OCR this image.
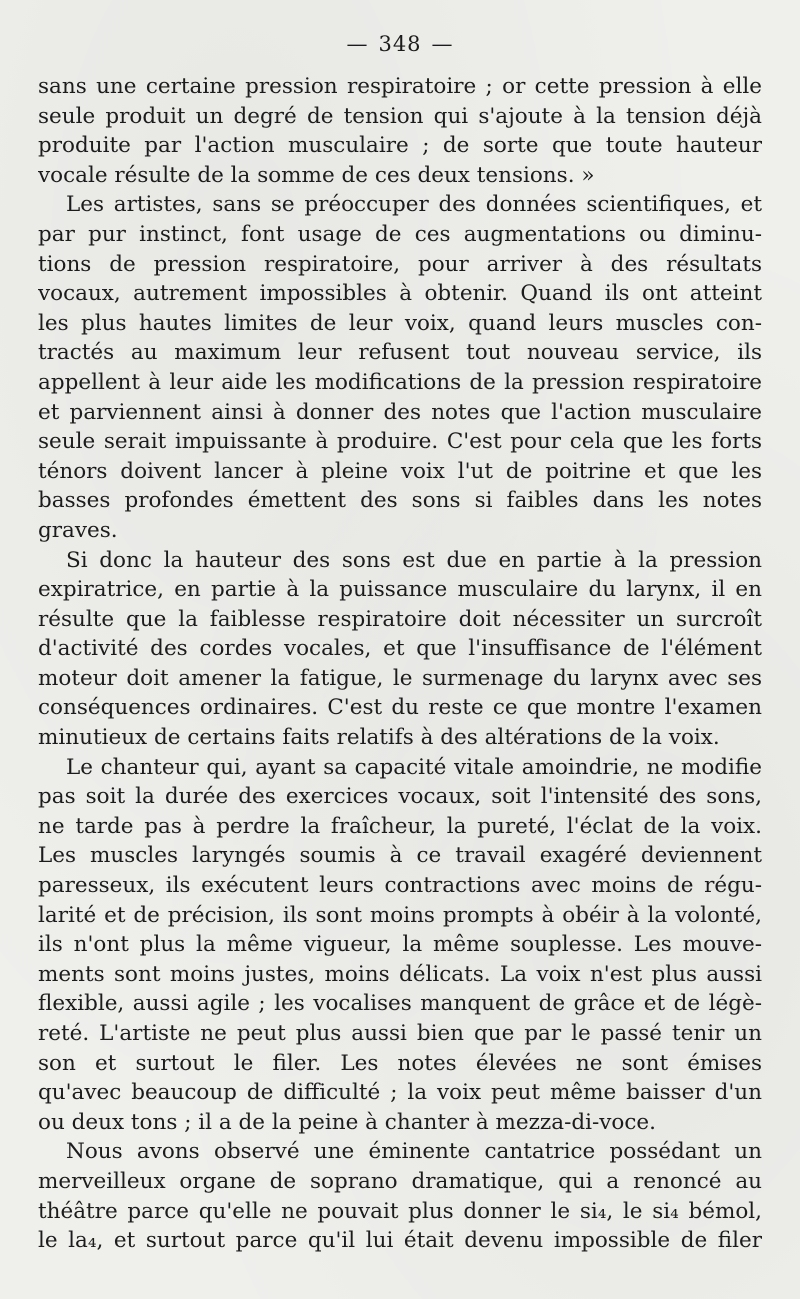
— 348 —

sans une certaine pression respiratoire ; or cette pression à elle
seule produit un degré de tension qui s'ajoute à la tension déjà
produite par l'action musculaire ; de sorte que toute hauteur
vocale résulte de la somme de ces deux tensions. »
Les artistes, sans se préoccuper des données scientifiques, et
par pur instinct, font usage de ces augmentations ou diminu-
tions de pression respiratoire, pour arriver à des résultats
vocaux, autrement impossibles à obtenir. Quand ils ont atteint
les plus hautes limites de leur voix, quand leurs muscles con-
tractés au maximum leur refusent tout nouveau service, ils
appellent à leur aide les modifications de la pression respiratoire
et parviennent ainsi à donner des notes que l'action musculaire
seule serait impuissante à produire. C'est pour cela que les forts
ténors doivent lancer à pleine voix l'ut de poitrine et que les
basses profondes émettent des sons si faibles dans les notes
graves.
Si donc la hauteur des sons est due en partie à la pression
expiratrice, en partie à la puissance musculaire du larynx, il en
résulte que la faiblesse respiratoire doit nécessiter un surcroît
d'activité des cordes vocales, et que l'insuffisance de l'élément
moteur doit amener la fatigue, le surmenage du larynx avec ses
conséquences ordinaires. C'est du reste ce que montre l'examen
minutieux de certains faits relatifs à des altérations de la voix.
Le chanteur qui, ayant sa capacité vitale amoindrie, ne modifie
pas soit la durée des exercices vocaux, soit l'intensité des sons,
ne tarde pas à perdre la fraîcheur, la pureté, l'éclat de la voix.
Les muscles laryngés soumis à ce travail exagéré deviennent
paresseux, ils exécutent leurs contractions avec moins de régu-
larité et de précision, ils sont moins prompts à obéir à la volonté,
ils n'ont plus la même vigueur, la même souplesse. Les mouve-
ments sont moins justes, moins délicats. La voix n'est plus aussi
flexible, aussi agile ; les vocalises manquent de grâce et de légè-
reté. L'artiste ne peut plus aussi bien que par le passé tenir un
son et surtout le filer. Les notes élevées ne sont émises
qu'avec beaucoup de difficulté ; la voix peut même baisser d'un
ou deux tons ; il a de la peine à chanter à mezza-di-voce.
Nous avons observé une éminente cantatrice possédant un
merveilleux organe de soprano dramatique, qui a renoncé au
théâtre parce qu'elle ne pouvait plus donner le si₄, le si₄ bémol,
le la₄, et surtout parce qu'il lui était devenu impossible de filer
